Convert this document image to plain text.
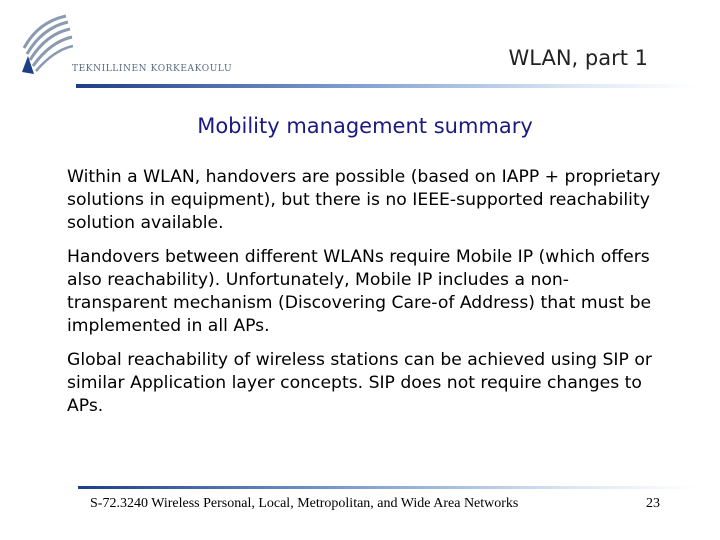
TEKNILLINEN KORKEAKOULU	WLAN, part 1
Mobility management summary

Within a WLAN, handovers are possible (based on IAPP + proprietary solutions in equipment), but there is no IEEE-supported reachability solution available.

Handovers between different WLANs require Mobile IP (which offers also reachability). Unfortunately, Mobile IP includes a non-transparent mechanism (Discovering Care-of Address) that must be implemented in all APs.

Global reachability of wireless stations can be achieved using SIP or similar Application layer concepts. SIP does not require changes to APs.

S-72.3240 Wireless Personal, Local, Metropolitan, and Wide Area Networks	23
